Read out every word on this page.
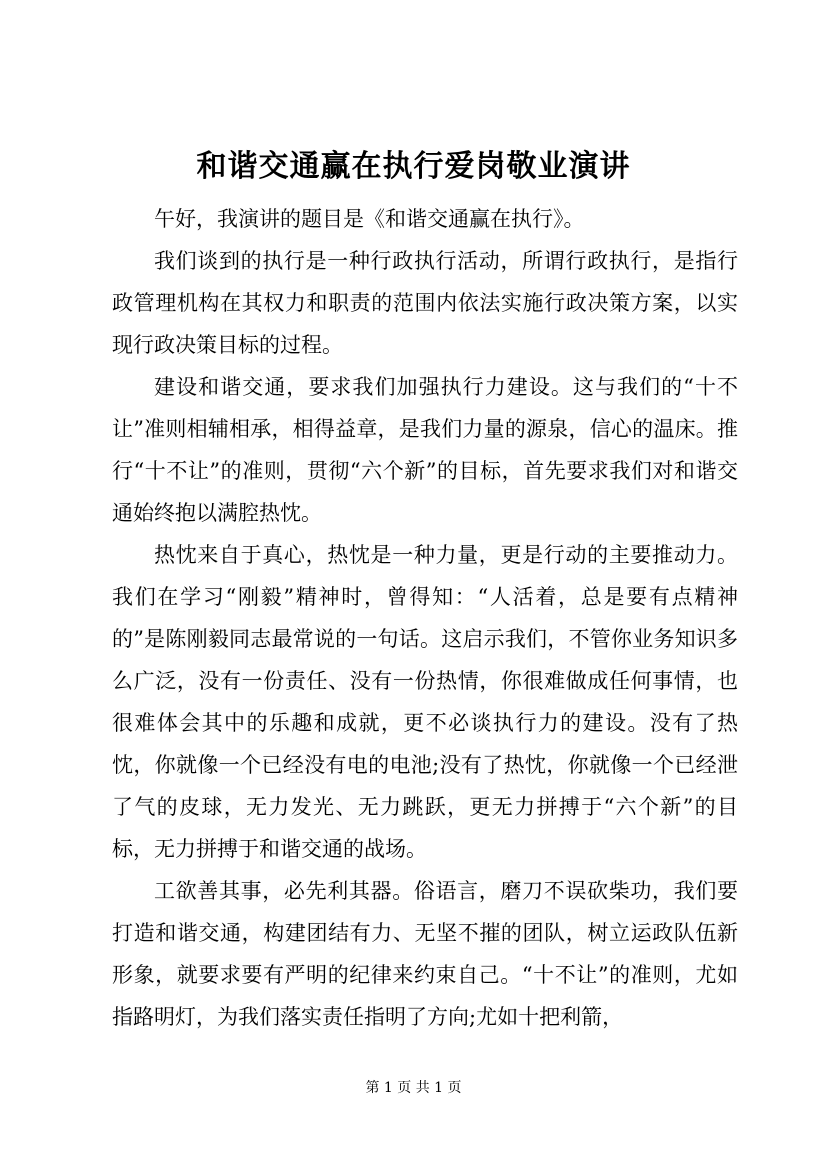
和谐交通赢在执行爱岗敬业演讲

午好，我演讲的题目是《和谐交通赢在执行》。

我们谈到的执行是一种行政执行活动，所谓行政执行，是指行政管理机构在其权力和职责的范围内依法实施行政决策方案，以实现行政决策目标的过程。

建设和谐交通，要求我们加强执行力建设。这与我们的“十不让”准则相辅相承，相得益章，是我们力量的源泉，信心的温床。推行“十不让”的准则，贯彻“六个新”的目标，首先要求我们对和谐交通始终抱以满腔热忱。

热忱来自于真心，热忱是一种力量，更是行动的主要推动力。我们在学习“刚毅”精神时，曾得知：“人活着，总是要有点精神的”是陈刚毅同志最常说的一句话。这启示我们，不管你业务知识多么广泛，没有一份责任、没有一份热情，你很难做成任何事情，也很难体会其中的乐趣和成就，更不必谈执行力的建设。没有了热忱，你就像一个已经没有电的电池;没有了热忱，你就像一个已经泄了气的皮球，无力发光、无力跳跃，更无力拼搏于“六个新”的目标，无力拼搏于和谐交通的战场。

工欲善其事，必先利其器。俗语言，磨刀不误砍柴功，我们要打造和谐交通，构建团结有力、无坚不摧的团队，树立运政队伍新形象，就要求要有严明的纪律来约束自己。“十不让”的准则，尤如指路明灯，为我们落实责任指明了方向;尤如十把利箭，

第 1 页 共 1 页
